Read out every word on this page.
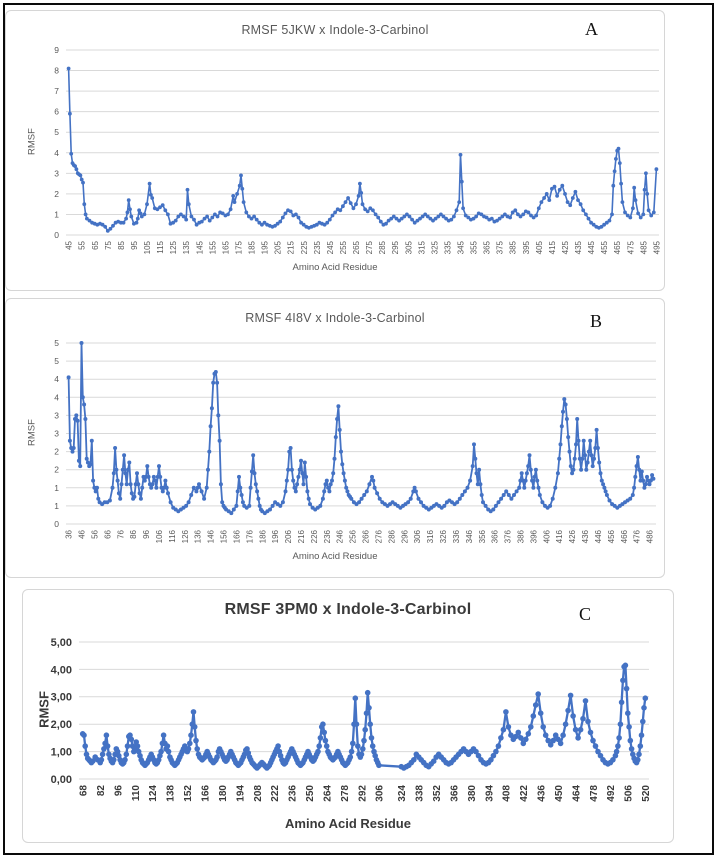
RMSF 5JKW x Indole-3-Carbinol	A
RMSF
0
1
2
3
4
5
6
7
8
9
45 55 65 75 85 95 105 115 125 135 145 155 165 175 185 195 205 215 225 235 245 255 265 275 285 295 305 315 325 335 345 355 365 375 385 395 405 415 425 435 445 455 465 475 485 495
Amino Acid Residue
RMSF 4I8V x Indole-3-Carbinol	B
RMSF
0
1
1
2
2
3
3
4
4
5
5
36 46 56 66 76 86 96 106 116 126 136 146 156 166 176 186 196 206 216 226 236 246 256 266 276 286 296 306 316 326 336 346 356 366 376 386 396 406 416 426 436 446 456 466 476 486
Amino Acid Residue
RMSF 3PM0 x Indole-3-Carbinol	C
RMSF
0,00
1,00
2,00
3,00
4,00
5,00
68 82 96 110 124 138 152 166 180 194 208 222 236 250 264 278 292 306 324 338 352 366 380 394 408 422 436 450 464 478 492 506 520
Amino Acid Residue
